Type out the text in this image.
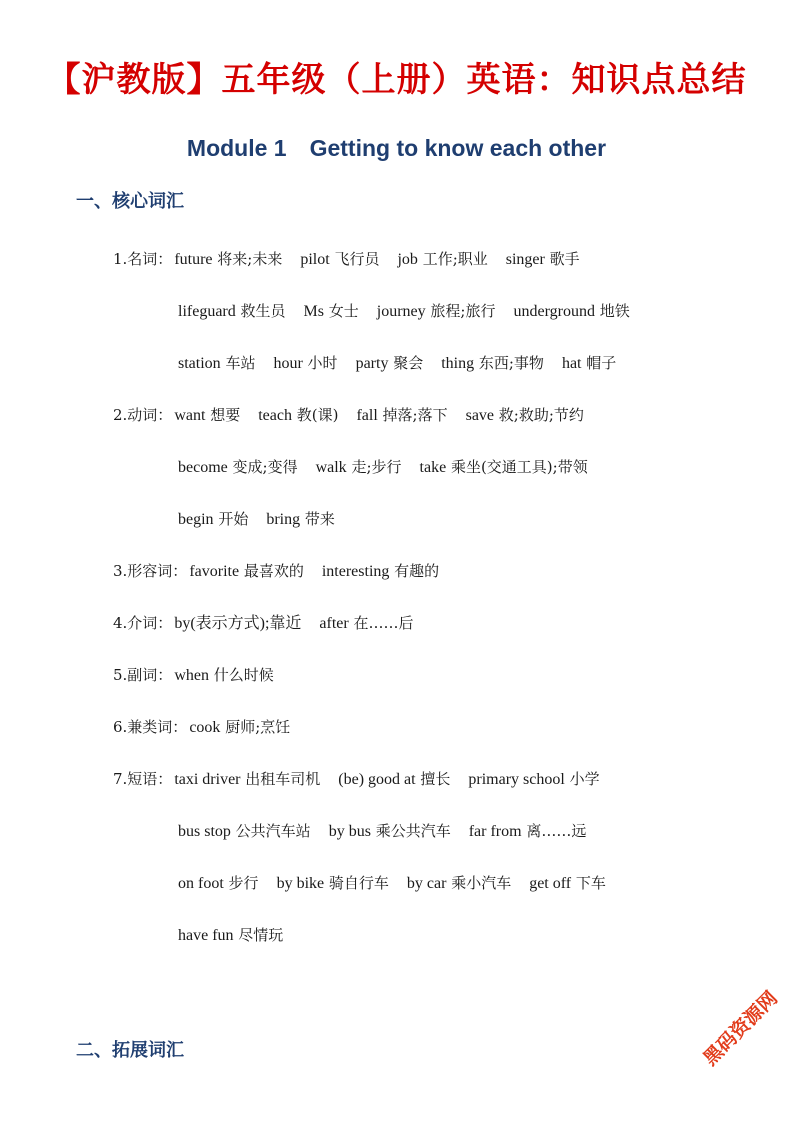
【沪教版】五年级（上册）英语：知识点总结
Module 1　Getting to know each other
一、核心词汇
1.名词： future 将来;未来 pilot 飞行员 job 工作;职业 singer 歌手
lifeguard 救生员 Ms 女士 journey 旅程;旅行 underground 地铁
station 车站 hour 小时 party 聚会 thing 东西;事物 hat 帽子
2.动词： want 想要 teach 教(课) fall 掉落;落下 save 救;救助;节约
become 变成;变得 walk 走;步行 take 乘坐(交通工具);带领
begin 开始 bring 带来
3.形容词： favorite 最喜欢的 interesting 有趣的
4.介词： by(表示方式);靠近 after 在……后
5.副词： when 什么时候
6.兼类词： cook 厨师;烹饪
7.短语： taxi driver 出租车司机 (be) good at 擅长 primary school 小学
bus stop 公共汽车站 by bus 乘公共汽车 far from 离……远
on foot 步行 by bike 骑自行车 by car 乘小汽车 get off 下车
have fun 尽情玩
二、拓展词汇	黑码资源网
